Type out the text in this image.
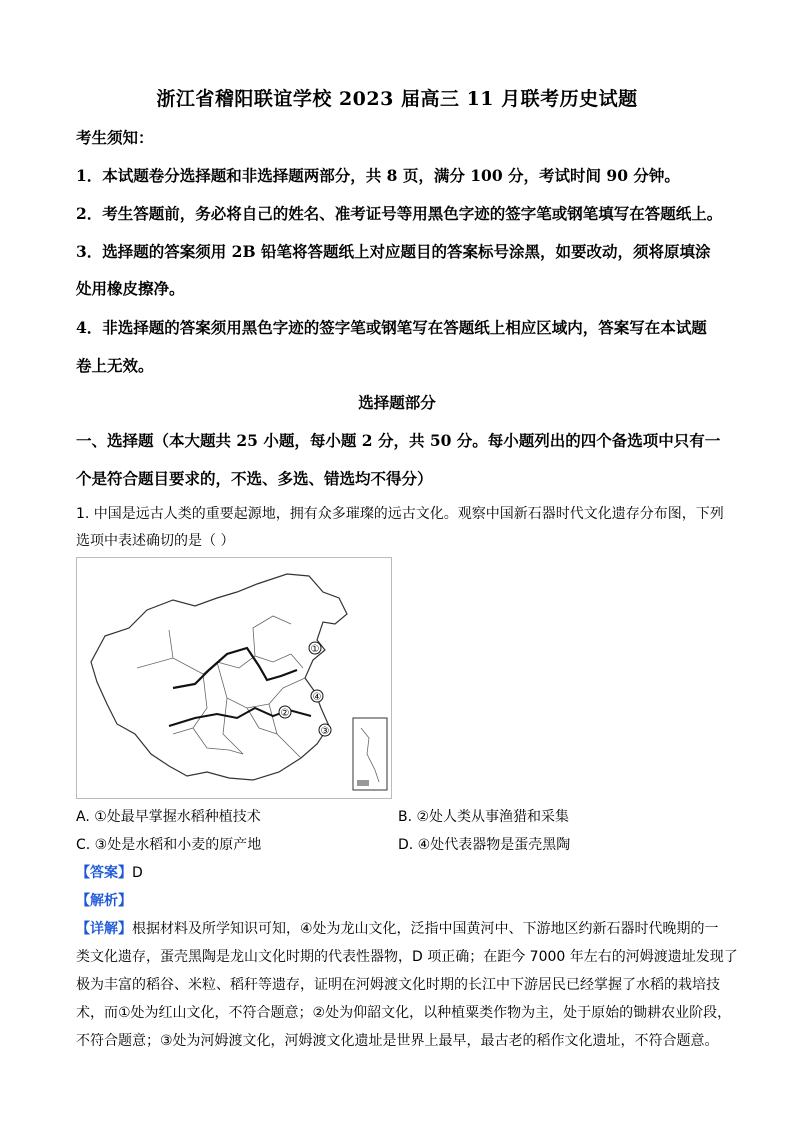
浙江省稽阳联谊学校 2023 届高三 11 月联考历史试题
考生须知：
1．本试题卷分选择题和非选择题两部分，共 8 页，满分 100 分，考试时间 90 分钟。
2．考生答题前，务必将自己的姓名、准考证号等用黑色字迹的签字笔或钢笔填写在答题纸上。
3．选择题的答案须用 2B 铅笔将答题纸上对应题目的答案标号涂黑，如要改动，须将原填涂
处用橡皮擦净。
4．非选择题的答案须用黑色字迹的签字笔或钢笔写在答题纸上相应区域内，答案写在本试题
卷上无效。
选择题部分
一、选择题（本大题共 25 小题，每小题 2 分，共 50 分。每小题列出的四个备选项中只有一
个是符合题目要求的，不选、多选、错选均不得分）
1. 中国是远古人类的重要起源地，拥有众多璀璨的远古文化。观察中国新石器时代文化遗存分布图，下列
选项中表述确切的是（ ）
①
②
③
④
A. ①处最早掌握水稻种植技术	B. ②处人类从事渔猎和采集
C. ③处是水稻和小麦的原产地	D. ④处代表器物是蛋壳黑陶
【答案】D
【解析】
【详解】根据材料及所学知识可知，④处为龙山文化，泛指中国黄河中、下游地区约新石器时代晚期的一
类文化遗存，蛋壳黑陶是龙山文化时期的代表性器物，D 项正确；在距今 7000 年左右的河姆渡遗址发现了
极为丰富的稻谷、米粒、稻秆等遗存，证明在河姆渡文化时期的长江中下游居民已经掌握了水稻的栽培技
术，而①处为红山文化，不符合题意；②处为仰韶文化，以种植粟类作物为主，处于原始的锄耕农业阶段，
不符合题意；③处为河姆渡文化，河姆渡文化遗址是世界上最早，最古老的稻作文化遗址，不符合题意。
